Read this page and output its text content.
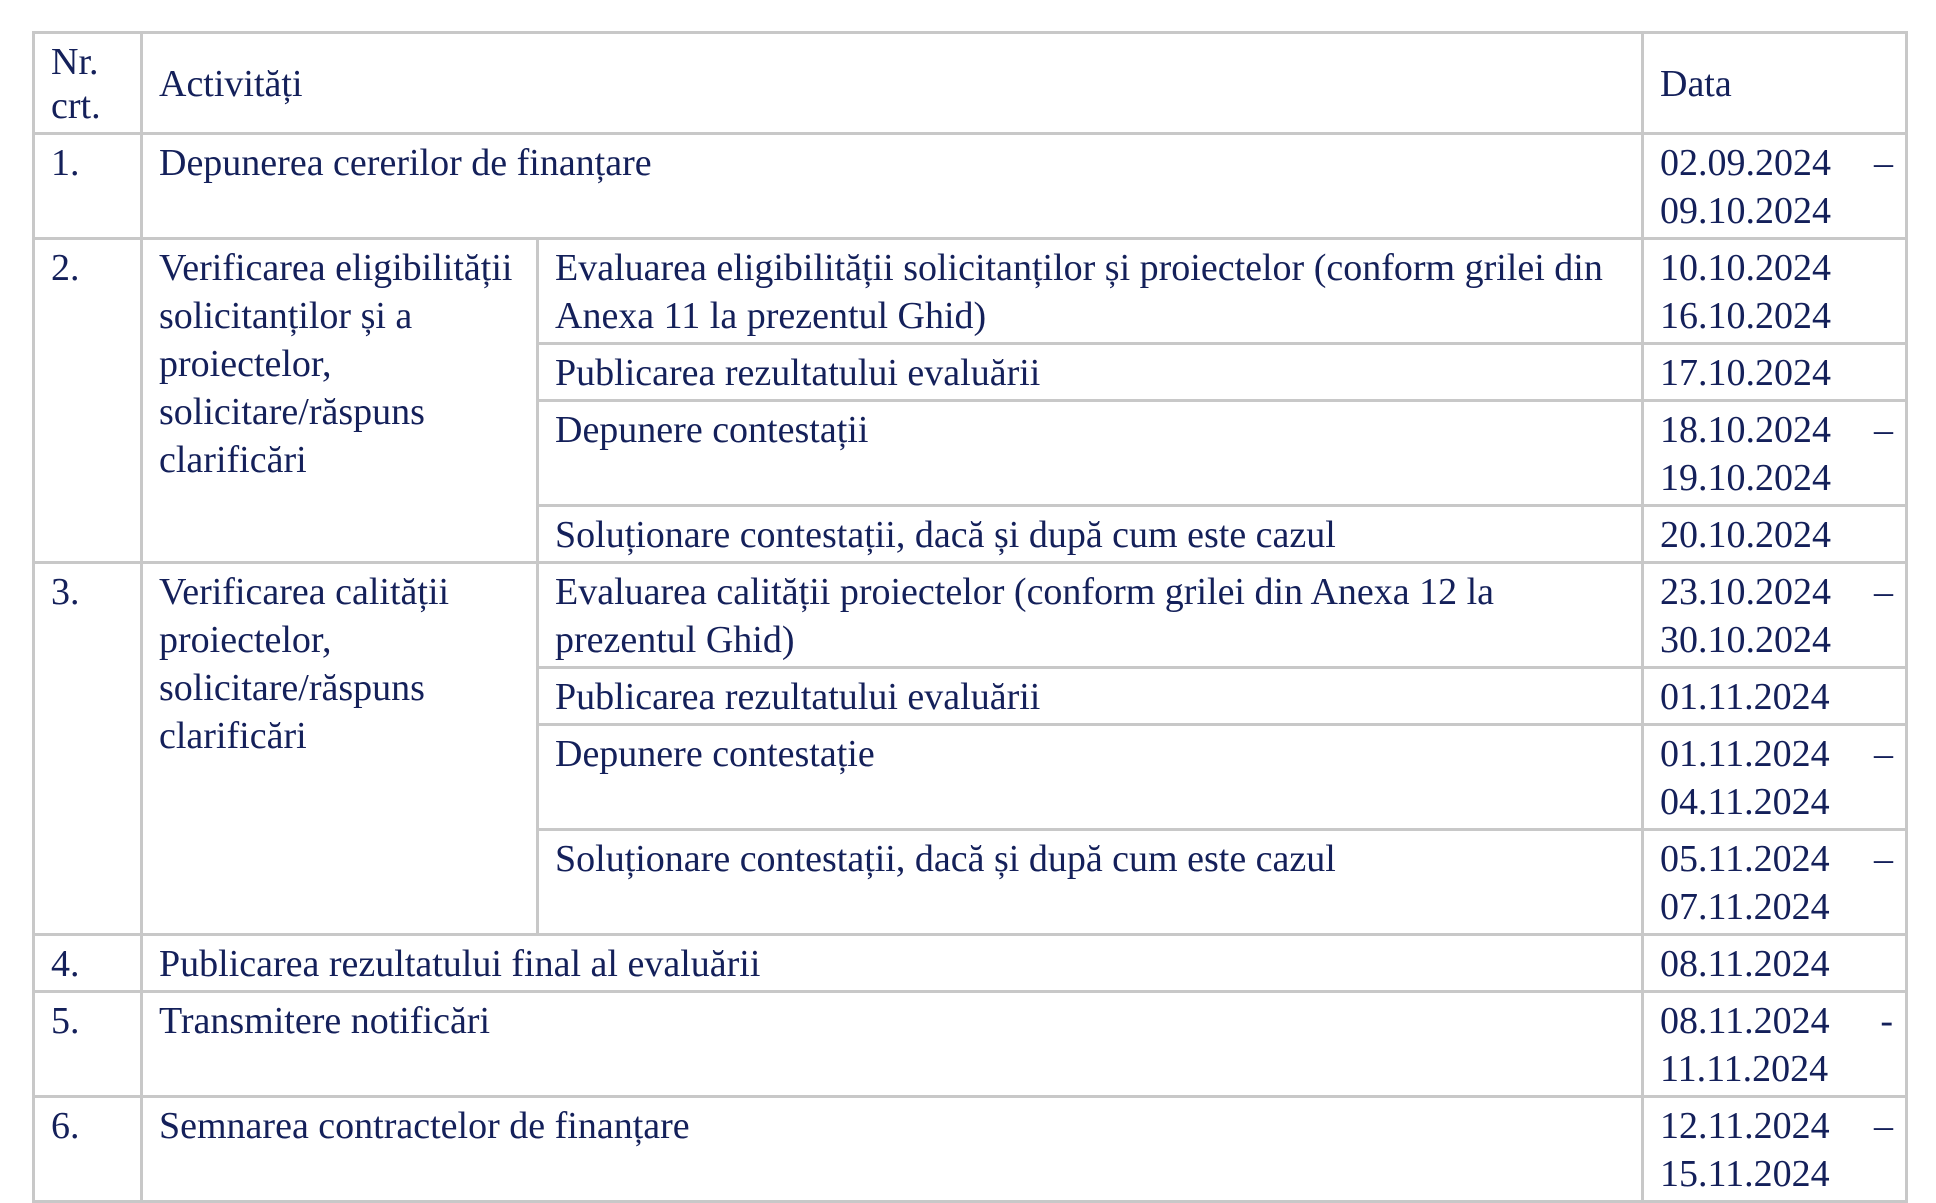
Nr. crt.	Activități		Data
1.	Depunerea cererilor de finanțare		02.09.2024 –
09.10.2024

2.	Verificarea eligibilității solicitanților și a proiectelor, solicitare/răspuns clarificări	Evaluarea eligibilității solicitanților și proiectelor (conform grilei din Anexa 11 la prezentul Ghid)	10.10.2024
16.10.2024

		Publicarea rezultatului evaluării	17.10.2024

		Depunere contestații	18.10.2024 –
19.10.2024

		Soluționare contestații, dacă și după cum este cazul	20.10.2024

3.	Verificarea calității proiectelor, solicitare/răspuns clarificări	Evaluarea calității proiectelor (conform grilei din Anexa 12 la prezentul Ghid)	23.10.2024 –
30.10.2024

		Publicarea rezultatului evaluării	01.11.2024

		Depunere contestație	01.11.2024 –
04.11.2024

		Soluționare contestații, dacă și după cum este cazul	05.11.2024 –
07.11.2024

4.	Publicarea rezultatului final al evaluării		08.11.2024

5.	Transmitere notificări		08.11.2024 -
11.11.2024

6.	Semnarea contractelor de finanțare		12.11.2024 –
15.11.2024
